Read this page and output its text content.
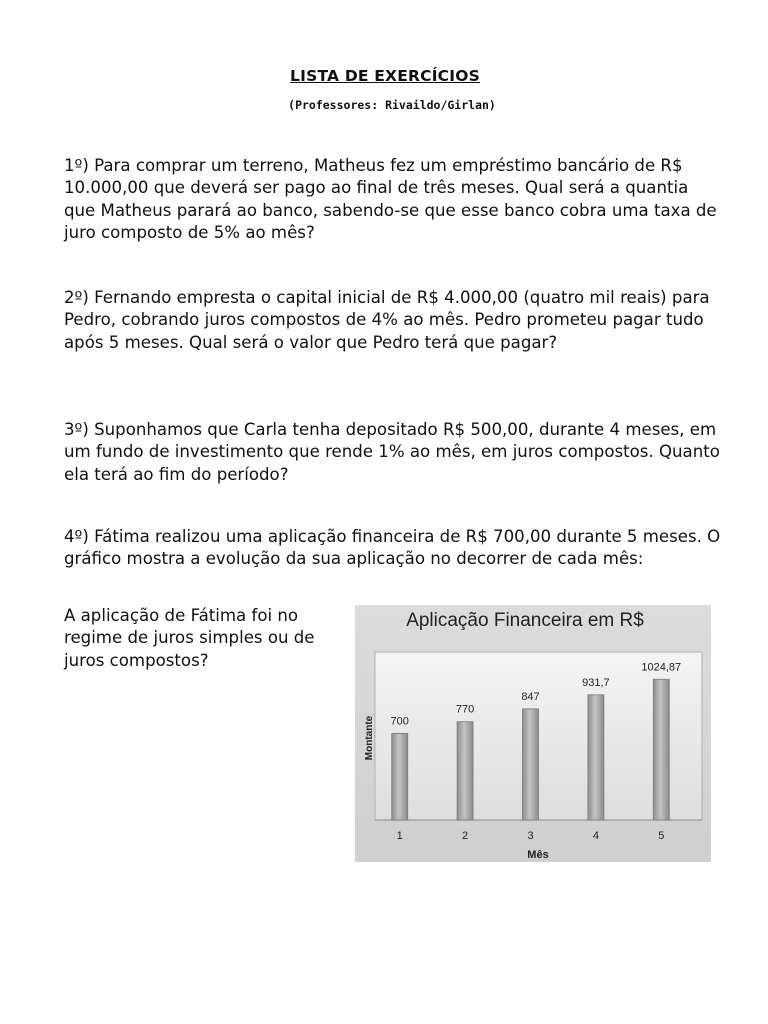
LISTA DE EXERCÍCIOS
(Professores: Rivaildo/Girlan)
1º) Para comprar um terreno, Matheus fez um empréstimo bancário de R$ 10.000,00 que deverá ser pago ao final de três meses. Qual será a quantia que Matheus parará ao banco, sabendo-se que esse banco cobra uma taxa de juro composto de 5% ao mês?
2º) Fernando empresta o capital inicial de R$ 4.000,00 (quatro mil reais) para Pedro, cobrando juros compostos de 4% ao mês. Pedro prometeu pagar tudo após 5 meses. Qual será o valor que Pedro terá que pagar?
3º) Suponhamos que Carla tenha depositado R$ 500,00, durante 4 meses, em um fundo de investimento que rende 1% ao mês, em juros compostos. Quanto ela terá ao fim do período?
4º) Fátima realizou uma aplicação financeira de R$ 700,00 durante 5 meses. O gráfico mostra a evolução da sua aplicação no decorrer de cada mês:
A aplicação de Fátima foi no regime de juros simples ou de juros compostos?
Aplicação Financeira em R$
700
1
770
2
847
3
931,7
4
1024,87
5
Montante
Mês
